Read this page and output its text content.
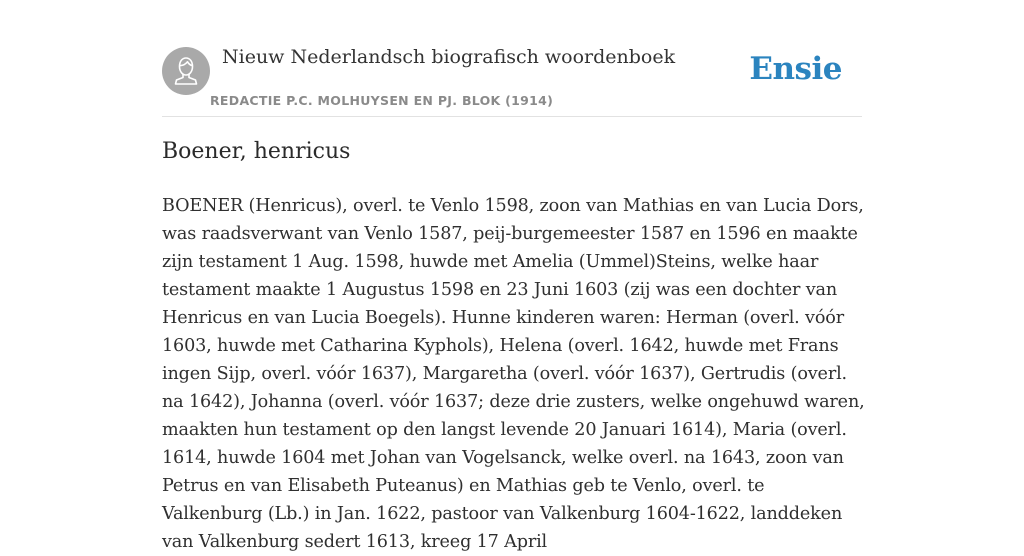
Nieuw Nederlandsch biografisch woordenboek
REDACTIE P.C. MOLHUYSEN EN PJ. BLOK (1914)
Ensie
Boener, henricus

BOENER (Henricus), overl. te Venlo 1598, zoon van Mathias en van Lucia Dors, was raadsverwant van Venlo 1587, peij-burgemeester 1587 en 1596 en maakte zijn testament 1 Aug. 1598, huwde met Amelia (Ummel)Steins, welke haar testament maakte 1 Augustus 1598 en 23 Juni 1603 (zij was een dochter van Henricus en van Lucia Boegels). Hunne kinderen waren: Herman (overl. vóór 1603, huwde met Catharina Kyphols), Helena (overl. 1642, huwde met Frans ingen Sijp, overl. vóór 1637), Margaretha (overl. vóór 1637), Gertrudis (overl. na 1642), Johanna (overl. vóór 1637; deze drie zusters, welke ongehuwd waren, maakten hun testament op den langst levende 20 Januari 1614), Maria (overl. 1614, huwde 1604 met Johan van Vogelsanck, welke overl. na 1643, zoon van Petrus en van Elisabeth Puteanus) en Mathias geb te Venlo, overl. te Valkenburg (Lb.) in Jan. 1622, pastoor van Valkenburg 1604-1622, landdeken van Valkenburg sedert 1613, kreeg 17 April
